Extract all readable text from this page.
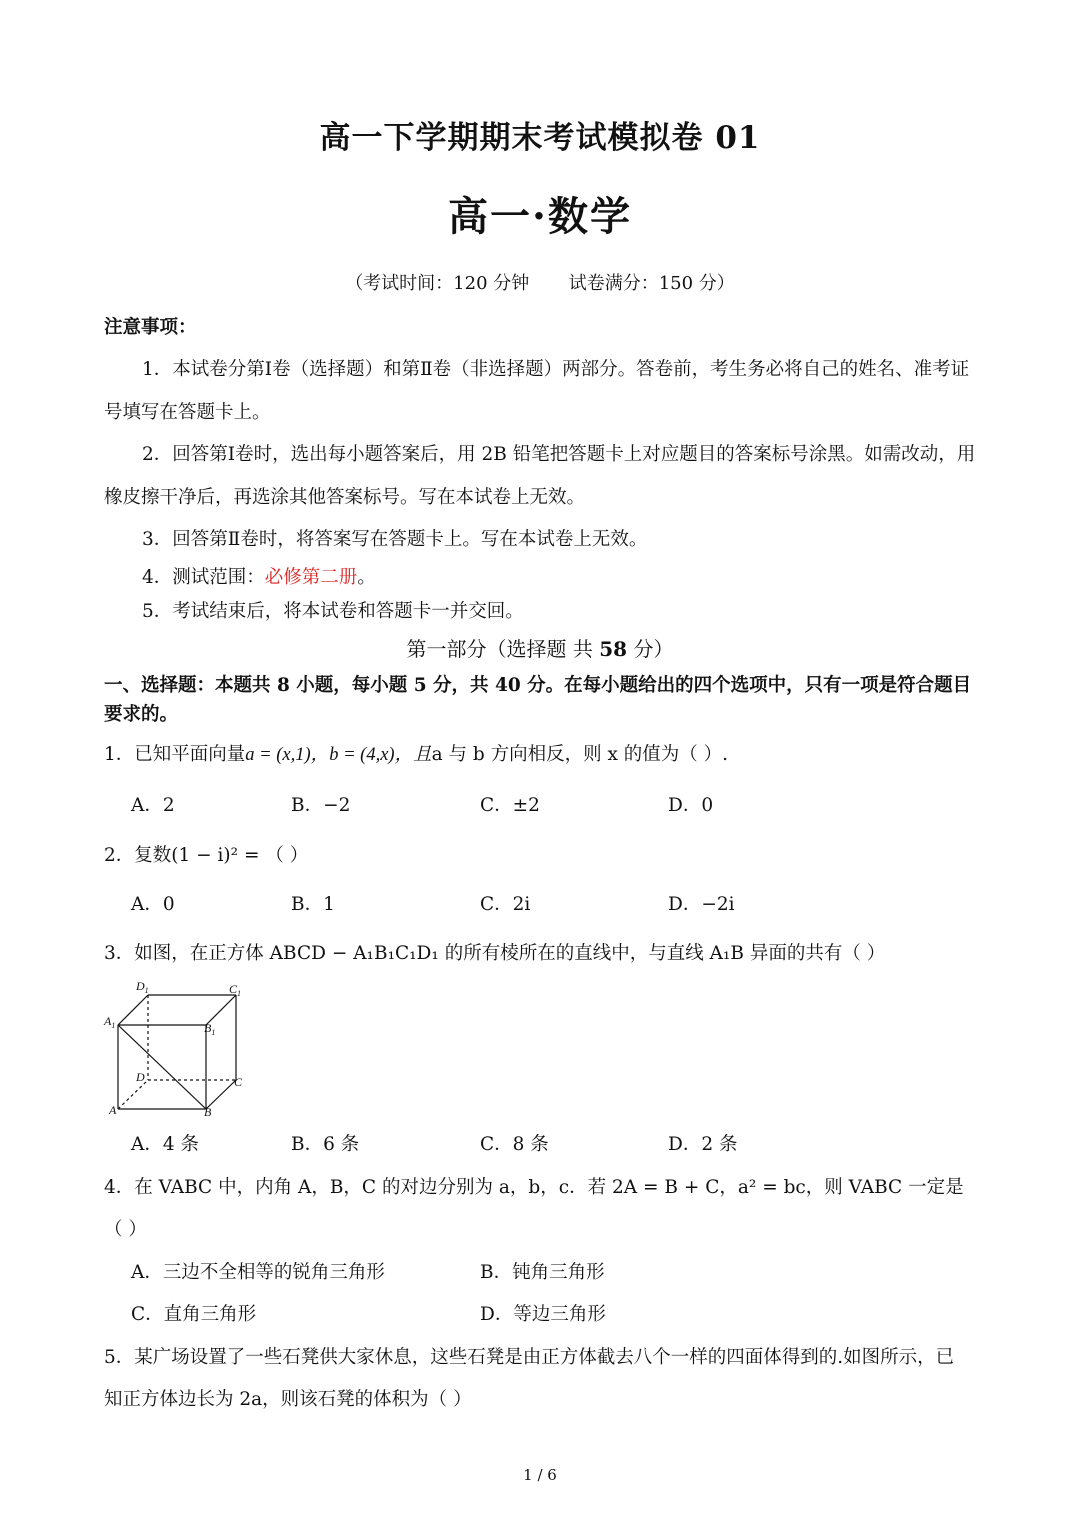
高一下学期期末考试模拟卷 01
高一·数学
（考试时间：120 分钟 试卷满分：150 分）
注意事项：
1．本试卷分第Ⅰ卷（选择题）和第Ⅱ卷（非选择题）两部分。答卷前，考生务必将自己的姓名、准考证
号填写在答题卡上。
2．回答第Ⅰ卷时，选出每小题答案后，用 2B 铅笔把答题卡上对应题目的答案标号涂黑。如需改动，用
橡皮擦干净后，再选涂其他答案标号。写在本试卷上无效。
3．回答第Ⅱ卷时，将答案写在答题卡上。写在本试卷上无效。
4．测试范围：必修第二册。
5．考试结束后，将本试卷和答题卡一并交回。
第一部分（选择题 共 58 分）
一、选择题：本题共 8 小题，每小题 5 分，共 40 分。在每小题给出的四个选项中，只有一项是符合题目
要求的。
1．已知平面向量a = (x,1)，b = (4,x)，且a 与 b 方向相反，则 x 的值为（ ）.
A．2	B．−2	C．±2	D．0
2．复数(1 − i)² = （ ）
A．0	B．1	C．2i	D．−2i
3．如图，在正方体 ABCD − A₁B₁C₁D₁ 的所有棱所在的直线中，与直线 A₁B 异面的共有（ ）
$D_1$	$C_1$
$A_1$	$B_1$
D	C
A	B
A．4 条	B．6 条	C．8 条	D．2 条
4．在 VABC 中，内角 A，B，C 的对边分别为 a，b，c．若 2A = B + C，a² = bc，则 VABC 一定是
（ ）
A．三边不全相等的锐角三角形	B．钝角三角形
C．直角三角形	D．等边三角形
5．某广场设置了一些石凳供大家休息，这些石凳是由正方体截去八个一样的四面体得到的.如图所示，已
知正方体边长为 2a，则该石凳的体积为（ ）
1 / 6
